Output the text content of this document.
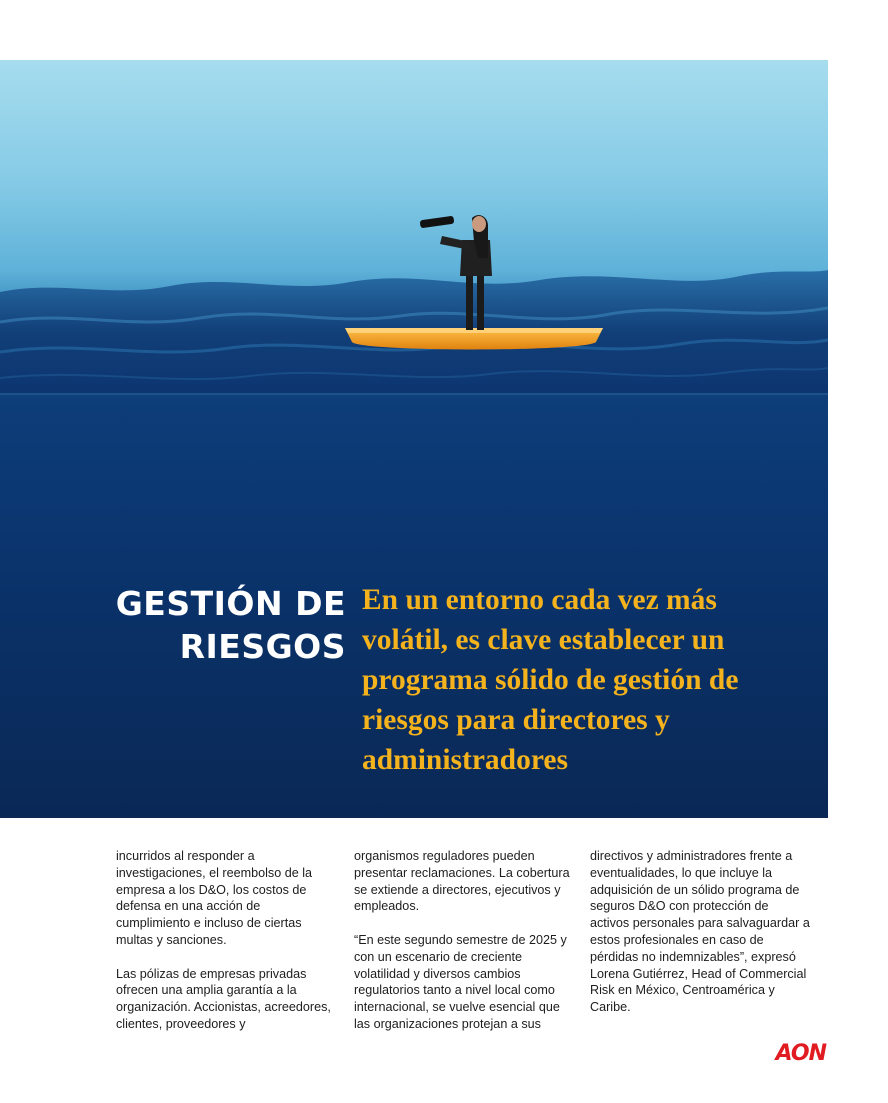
GESTIÓN DE
RIESGOS

En un entorno cada vez más volátil, es clave establecer un programa sólido de gestión de riesgos para directores y administradores

incurridos al responder a investigaciones, el reembolso de la empresa a los D&O, los costos de defensa en una acción de cumplimiento e incluso de ciertas multas y sanciones.

Las pólizas de empresas privadas ofrecen una amplia garantía a la organización. Accionistas, acreedores, clientes, proveedores y

organismos reguladores pueden presentar reclamaciones. La cobertura se extiende a directores, ejecutivos y empleados.

“En este segundo semestre de 2025 y con un escenario de creciente volatilidad y diversos cambios regulatorios tanto a nivel local como internacional, se vuelve esencial que las organizaciones protejan a sus

directivos y administradores frente a eventualidades, lo que incluye la adquisición de un sólido programa de seguros D&O con protección de activos personales para salvaguardar a estos profesionales en caso de pérdidas no indemnizables”, expresó Lorena Gutiérrez, Head of Commercial Risk en México, Centroamérica y Caribe.

AON
